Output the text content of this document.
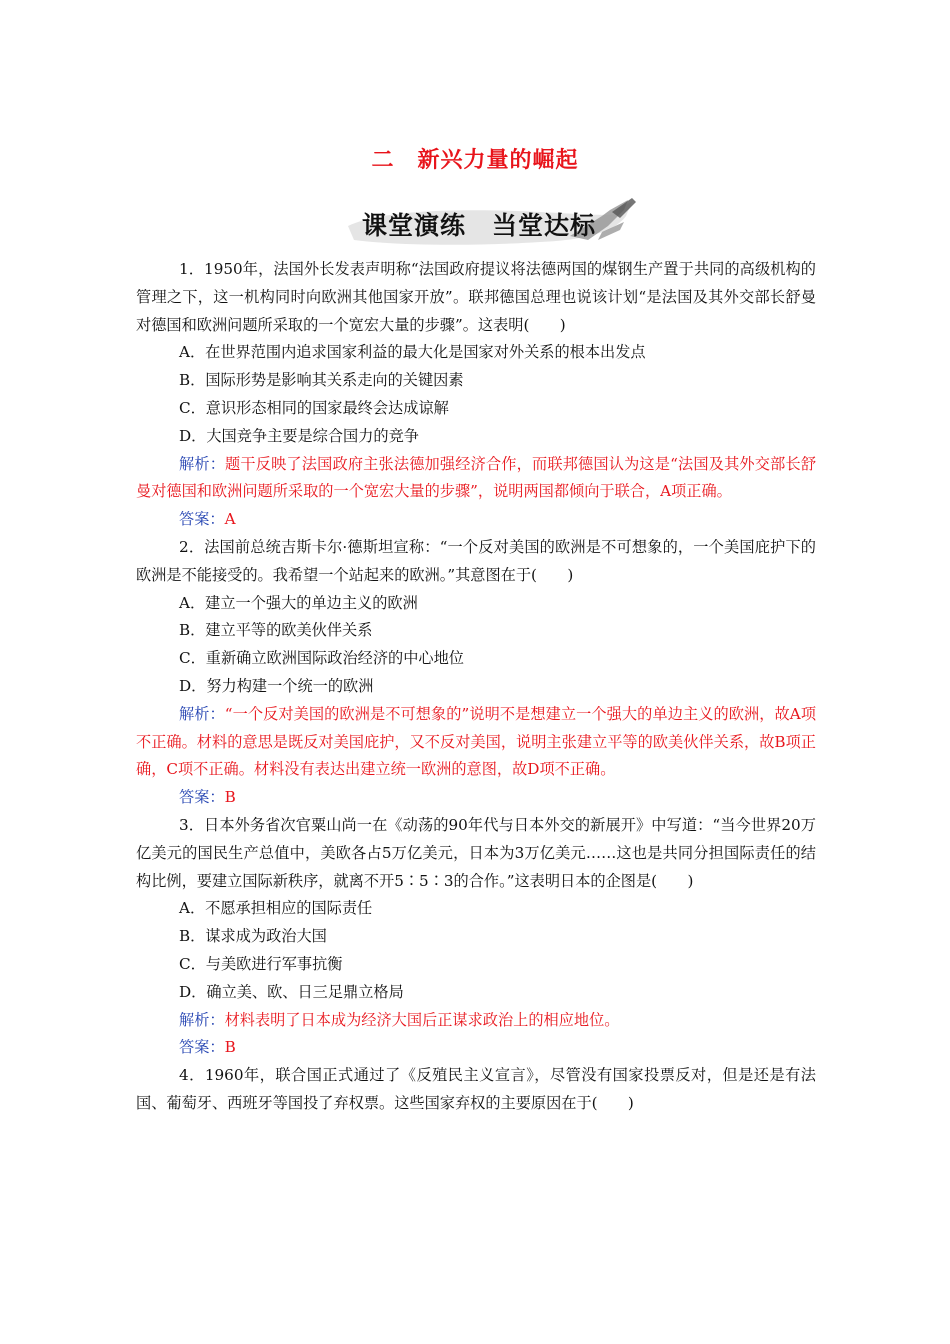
二　新兴力量的崛起
课堂演练　当堂达标

1．1950年，法国外长发表声明称“法国政府提议将法德两国的煤钢生产置于共同的高级机构的管理之下，这一机构同时向欧洲其他国家开放”。联邦德国总理也说该计划“是法国及其外交部长舒曼对德国和欧洲问题所采取的一个宽宏大量的步骤”。这表明(　　)

A．在世界范围内追求国家利益的最大化是国家对外关系的根本出发点

B．国际形势是影响其关系走向的关键因素

C．意识形态相同的国家最终会达成谅解

D．大国竞争主要是综合国力的竞争

解析：题干反映了法国政府主张法德加强经济合作，而联邦德国认为这是“法国及其外交部长舒曼对德国和欧洲问题所采取的一个宽宏大量的步骤”，说明两国都倾向于联合，A项正确。

答案：A

2．法国前总统吉斯卡尔·德斯坦宣称：“一个反对美国的欧洲是不可想象的，一个美国庇护下的欧洲是不能接受的。我希望一个站起来的欧洲。”其意图在于(　　)

A．建立一个强大的单边主义的欧洲

B．建立平等的欧美伙伴关系

C．重新确立欧洲国际政治经济的中心地位

D．努力构建一个统一的欧洲

解析：“一个反对美国的欧洲是不可想象的”说明不是想建立一个强大的单边主义的欧洲，故A项不正确。材料的意思是既反对美国庇护，又不反对美国，说明主张建立平等的欧美伙伴关系，故B项正确，C项不正确。材料没有表达出建立统一欧洲的意图，故D项不正确。

答案：B

3．日本外务省次官粟山尚一在《动荡的90年代与日本外交的新展开》中写道：“当今世界20万亿美元的国民生产总值中，美欧各占5万亿美元，日本为3万亿美元……这也是共同分担国际责任的结构比例，要建立国际新秩序，就离不开5∶5∶3的合作。”这表明日本的企图是(　　)

A．不愿承担相应的国际责任

B．谋求成为政治大国

C．与美欧进行军事抗衡

D．确立美、欧、日三足鼎立格局

解析：材料表明了日本成为经济大国后正谋求政治上的相应地位。

答案：B

4．1960年，联合国正式通过了《反殖民主义宣言》，尽管没有国家投票反对，但是还是有法国、葡萄牙、西班牙等国投了弃权票。这些国家弃权的主要原因在于(　　)
